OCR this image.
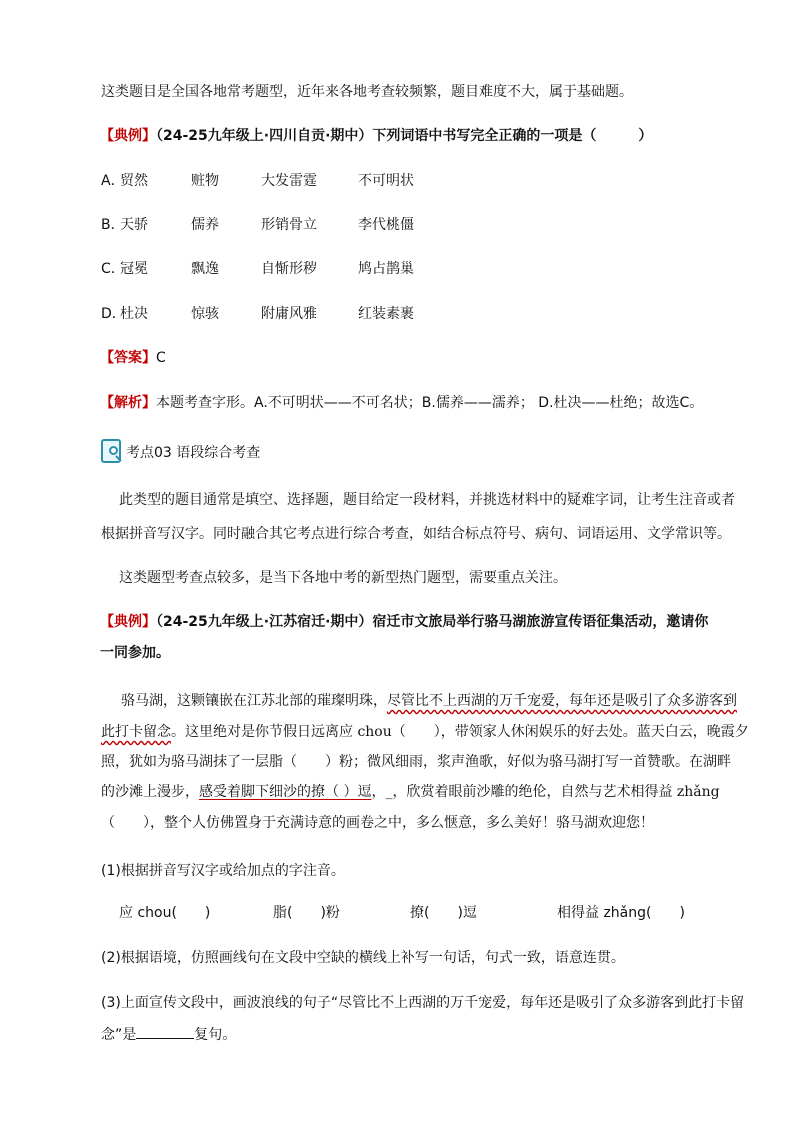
这类题目是全国各地常考题型，近年来各地考查较频繁，题目难度不大，属于基础题。
【典例】（24-25九年级上·四川自贡·期中）下列词语中书写完全正确的一项是（　　　）
A．
贸然	赃物	大发雷霆	不可明状
B．
天骄	儒养	形销骨立	李代桃僵
C．
冠冕	飘逸	自惭形秽	鸠占鹊巢
D．
杜决	惊骇	附庸风雅	红装素裹
【答案】C
【解析】本题考查字形。A.不可明状——不可名状；B.儒养——濡养； D.杜决——杜绝；故选C。
考点03 语段综合考查
此类型的题目通常是填空、选择题，题目给定一段材料，并挑选材料中的疑难字词，让考生注音或者
根据拼音写汉字。同时融合其它考点进行综合考查，如结合标点符号、病句、词语运用、文学常识等。
这类题型考查点较多，是当下各地中考的新型热门题型，需要重点关注。
【典例】（24-25九年级上·江苏宿迁·期中）宿迁市文旅局举行骆马湖旅游宣传语征集活动，邀请你
一同参加。
骆马湖，这颗镶嵌在江苏北部的璀璨明珠，尽管比不上西湖的万千宠爱，每年还是吸引了众多游客到
此打卡留念。这里绝对是你节假日远离应 chou（　　），带领家人休闲娱乐的好去处。蓝天白云，晚霞夕
照，犹如为骆马湖抹了一层脂（　　）粉；微风细雨，浆声渔歌，好似为骆马湖打写一首赞歌。在湖畔
的沙滩上漫步，感受着脚下细沙的撩（ ）逗，_，欣赏着眼前沙雕的绝伦，自然与艺术相得益 zhǎng
（　　），整个人仿佛置身于充满诗意的画卷之中，多么惬意，多么美好！骆马湖欢迎您！
(1)根据拼音写汉字或给加点的字注音。
应 chou(　　)	脂(　　)粉	撩(　　)逗	相得益 zhǎng(　　)
(2)根据语境，仿照画线句在文段中空缺的横线上补写一句话，句式一致，语意连贯。
(3)上面宣传文段中，画波浪线的句子“尽管比不上西湖的万千宠爱，每年还是吸引了众多游客到此打卡留
念”是	复句。
